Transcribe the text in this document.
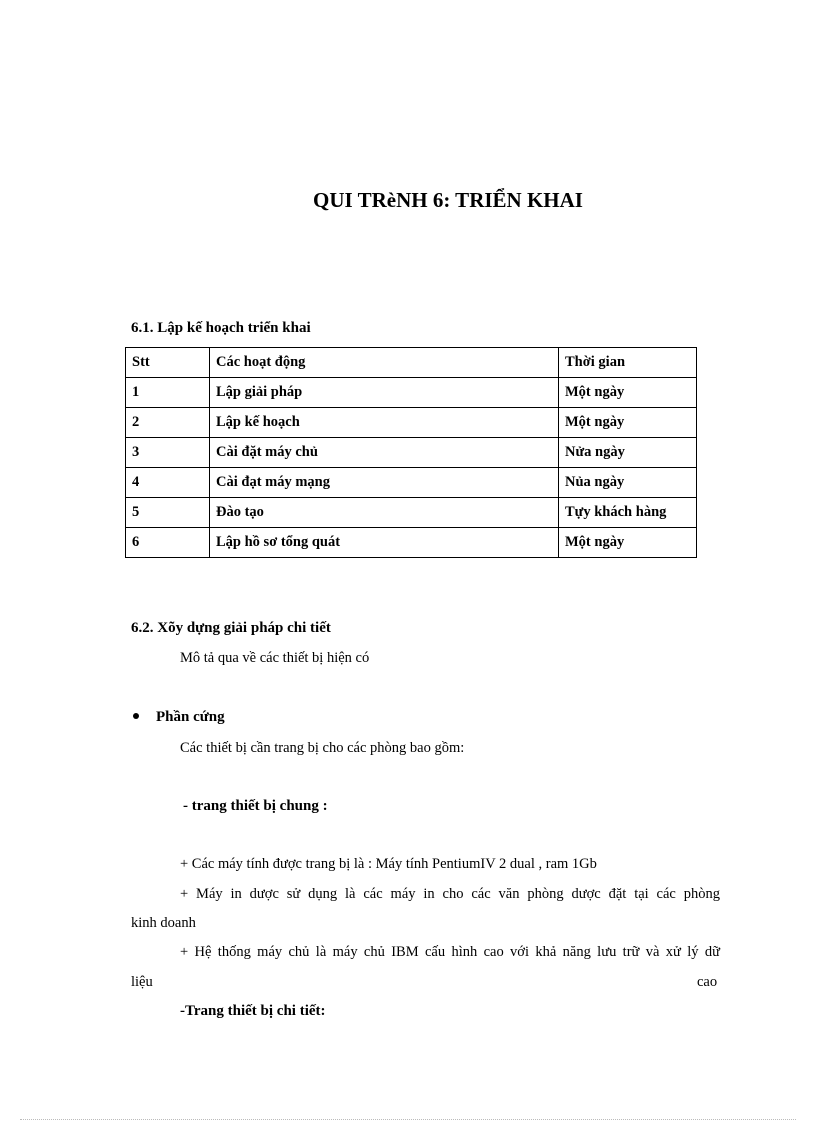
QUI TRèNH 6: TRIỂN KHAI
6.1. Lập kế hoạch triển khai
Stt	Các hoạt động	Thời gian
1	Lập giải pháp	Một ngày
2	Lập kế hoạch	Một ngày
3	Cài đặt máy chủ	Nửa ngày
4	Cài đạt máy mạng	Nủa ngày
5	Đào tạo	Tựy khách hàng
6	Lập hồ sơ tổng quát	Một ngày
6.2. Xõy dựng giải pháp chi tiết
Mô tả qua về các thiết bị hiện có
Phần cứng
Các thiết bị cần trang bị cho các phòng bao gồm:
- trang thiết bị chung :
+ Các máy tính được trang bị là : Máy tính PentiumIV 2 dual , ram 1Gb
+ Máy in dược sử dụng là các máy in cho các văn phòng dược đặt tại các phòng
kinh doanh
+ Hệ thống máy chủ là máy chủ IBM cấu hình cao với khả năng lưu trữ và xử lý dữ
liệu	cao
-Trang thiết bị chi tiết:
